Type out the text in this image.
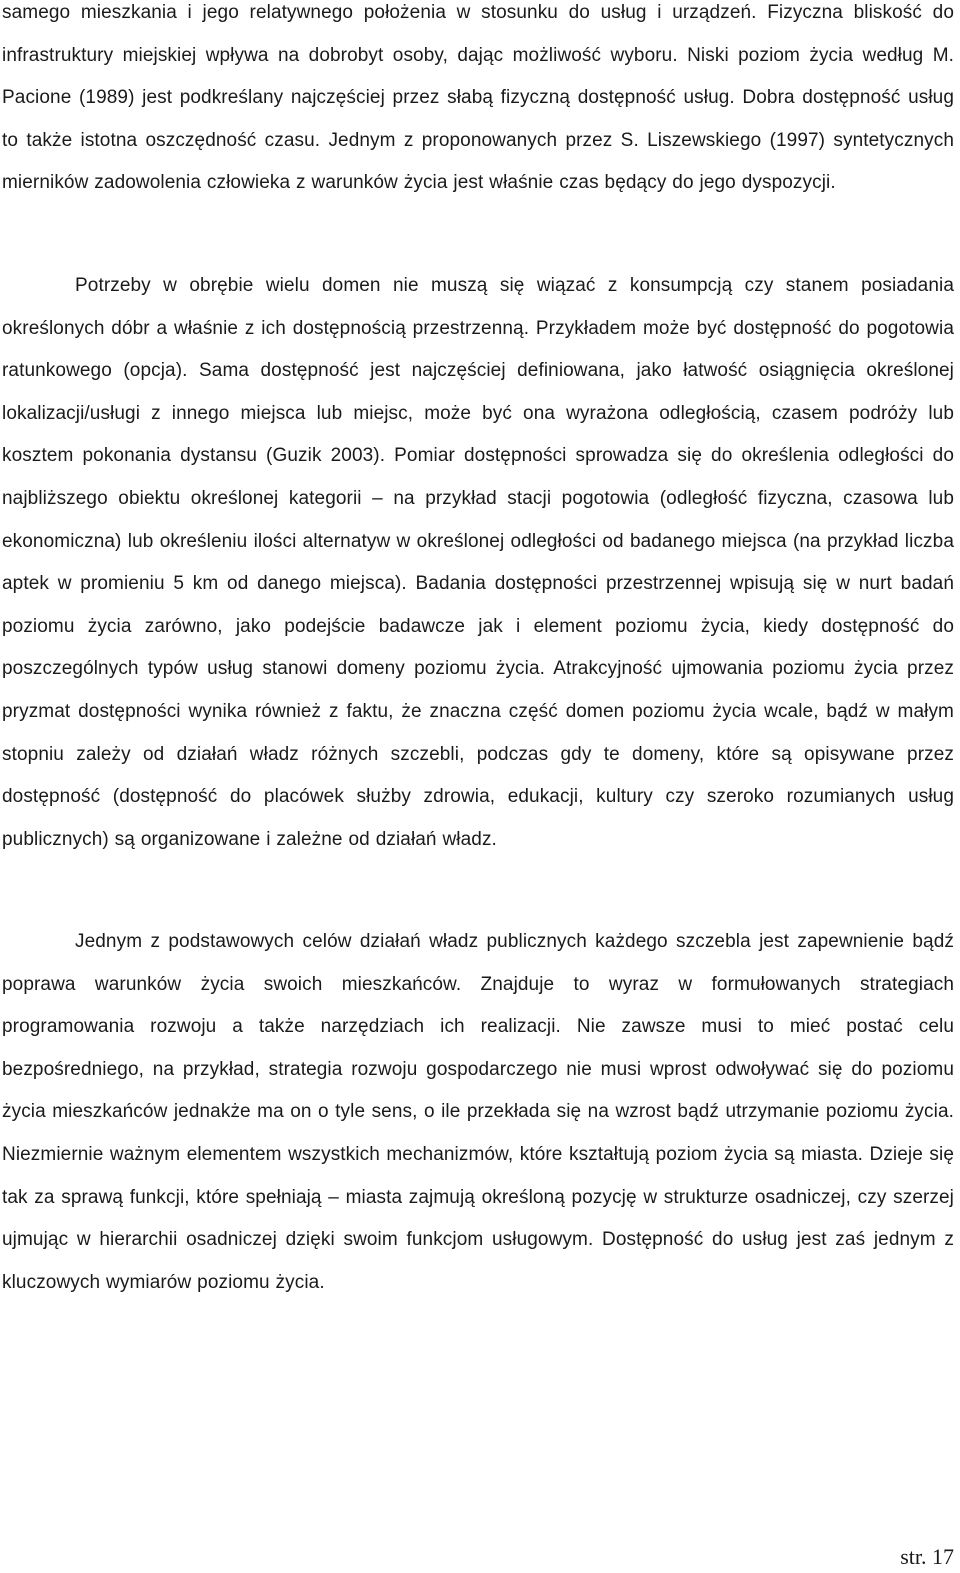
samego mieszkania i jego relatywnego położenia w stosunku do usług i urządzeń. Fizyczna bliskość do infrastruktury miejskiej wpływa na dobrobyt osoby, dając możliwość wyboru. Niski poziom życia według M. Pacione (1989) jest podkreślany najczęściej przez słabą fizyczną dostępność usług. Dobra dostępność usług to także istotna oszczędność czasu. Jednym z proponowanych przez S. Liszewskiego (1997) syntetycznych mierników zadowolenia człowieka z warunków życia jest właśnie czas będący do jego dyspozycji.

Potrzeby w obrębie wielu domen nie muszą się wiązać z konsumpcją czy stanem posiadania określonych dóbr a właśnie z ich dostępnością przestrzenną. Przykładem może być dostępność do pogotowia ratunkowego (opcja). Sama dostępność jest najczęściej definiowana, jako łatwość osiągnięcia określonej lokalizacji/usługi z innego miejsca lub miejsc, może być ona wyrażona odległością, czasem podróży lub kosztem pokonania dystansu (Guzik 2003). Pomiar dostępności sprowadza się do określenia odległości do najbliższego obiektu określonej kategorii – na przykład stacji pogotowia (odległość fizyczna, czasowa lub ekonomiczna) lub określeniu ilości alternatyw w określonej odległości od badanego miejsca (na przykład liczba aptek w promieniu 5 km od danego miejsca). Badania dostępności przestrzennej wpisują się w nurt badań poziomu życia zarówno, jako podejście badawcze jak i element poziomu życia, kiedy dostępność do poszczególnych typów usług stanowi domeny poziomu życia. Atrakcyjność ujmowania poziomu życia przez pryzmat dostępności wynika również z faktu, że znaczna część domen poziomu życia wcale, bądź w małym stopniu zależy od działań władz różnych szczebli, podczas gdy te domeny, które są opisywane przez dostępność (dostępność do placówek służby zdrowia, edukacji, kultury czy szeroko rozumianych usług publicznych) są organizowane i zależne od działań władz.

Jednym z podstawowych celów działań władz publicznych każdego szczebla jest zapewnienie bądź poprawa warunków życia swoich mieszkańców. Znajduje to wyraz w formułowanych strategiach programowania rozwoju a także narzędziach ich realizacji. Nie zawsze musi to mieć postać celu bezpośredniego, na przykład, strategia rozwoju gospodarczego nie musi wprost odwoływać się do poziomu życia mieszkańców jednakże ma on o tyle sens, o ile przekłada się na wzrost bądź utrzymanie poziomu życia. Niezmiernie ważnym elementem wszystkich mechanizmów, które kształtują poziom życia są miasta. Dzieje się tak za sprawą funkcji, które spełniają – miasta zajmują określoną pozycję w strukturze osadniczej, czy szerzej ujmując w hierarchii osadniczej dzięki swoim funkcjom usługowym. Dostępność do usług jest zaś jednym z kluczowych wymiarów poziomu życia.

str. 17
